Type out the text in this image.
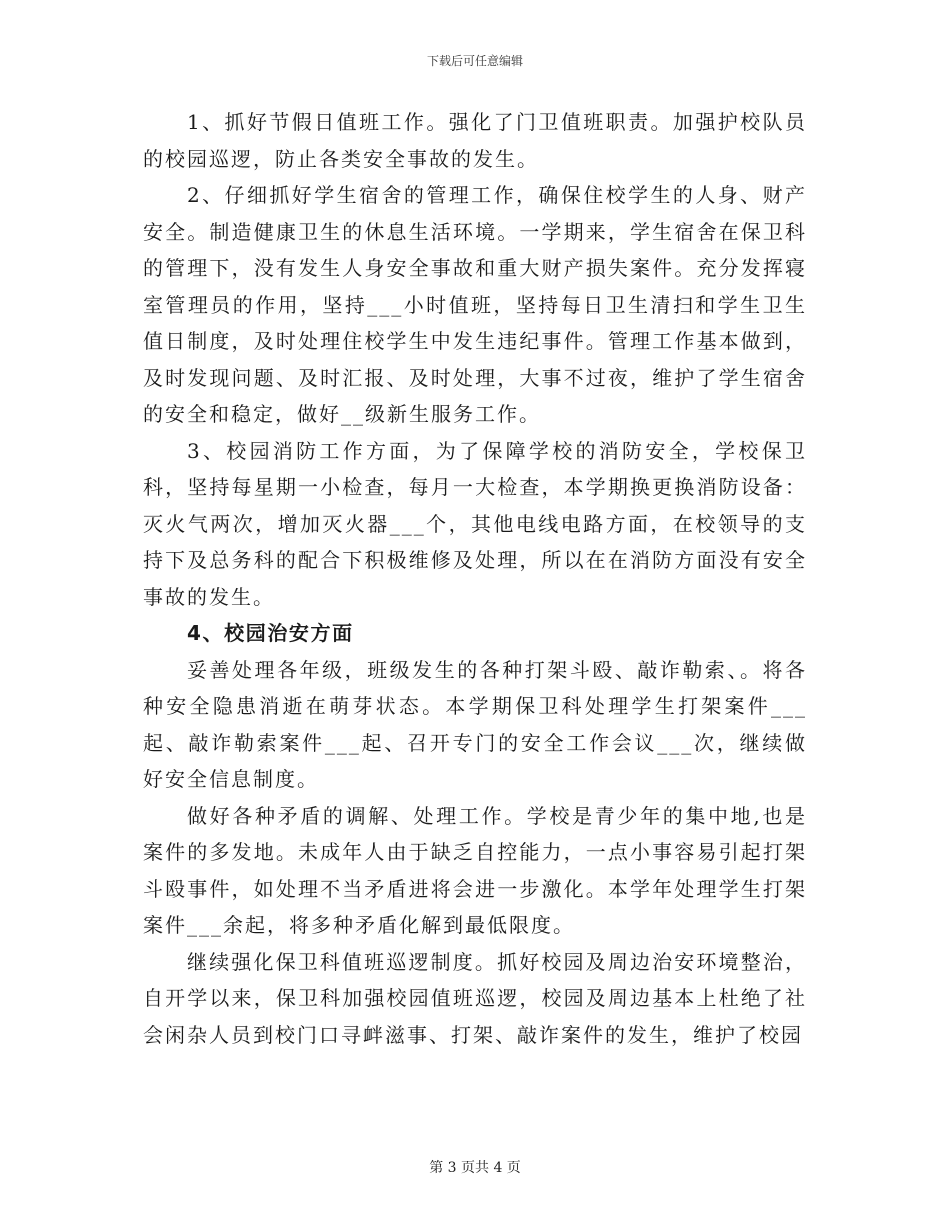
下载后可任意编辑

1、抓好节假日值班工作。强化了门卫值班职责。加强护校队员的校园巡逻，防止各类安全事故的发生。

2、仔细抓好学生宿舍的管理工作，确保住校学生的人身、财产安全。制造健康卫生的休息生活环境。一学期来，学生宿舍在保卫科的管理下，没有发生人身安全事故和重大财产损失案件。充分发挥寝室管理员的作用，坚持___小时值班，坚持每日卫生清扫和学生卫生值日制度，及时处理住校学生中发生违纪事件。管理工作基本做到，及时发现问题、及时汇报、及时处理，大事不过夜，维护了学生宿舍的安全和稳定，做好__级新生服务工作。

3、校园消防工作方面，为了保障学校的消防安全，学校保卫科，坚持每星期一小检查，每月一大检查，本学期换更换消防设备：灭火气两次，增加灭火器___个，其他电线电路方面，在校领导的支持下及总务科的配合下积极维修及处理，所以在在消防方面没有安全事故的发生。

4、校园治安方面

妥善处理各年级，班级发生的各种打架斗殴、敲诈勒索、。将各种安全隐患消逝在萌芽状态。本学期保卫科处理学生打架案件___起、敲诈勒索案件___起、召开专门的安全工作会议___次，继续做好安全信息制度。

做好各种矛盾的调解、处理工作。学校是青少年的集中地,也是案件的多发地。未成年人由于缺乏自控能力，一点小事容易引起打架斗殴事件，如处理不当矛盾进将会进一步激化。本学年处理学生打架案件___余起，将多种矛盾化解到最低限度。

继续强化保卫科值班巡逻制度。抓好校园及周边治安环境整治，自开学以来，保卫科加强校园值班巡逻，校园及周边基本上杜绝了社会闲杂人员到校门口寻衅滋事、打架、敲诈案件的发生，维护了校园

第 3 页共 4 页
